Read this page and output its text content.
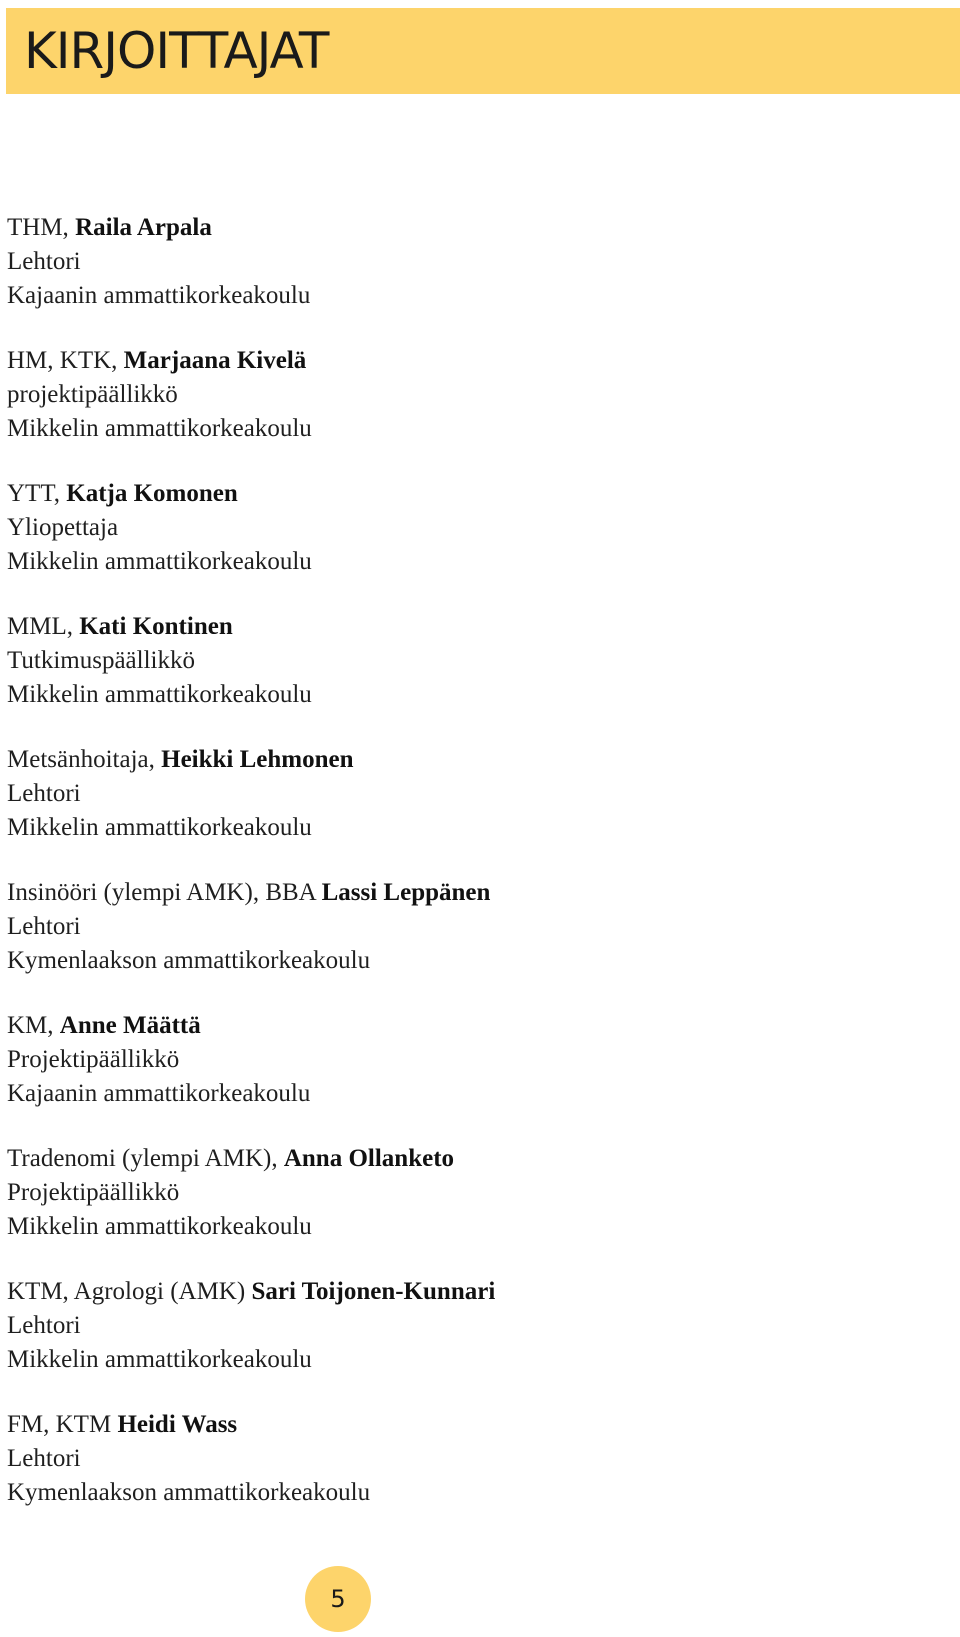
KIRJOITTAJAT
THM, Raila Arpala
Lehtori
Kajaanin ammattikorkeakoulu
HM, KTK, Marjaana Kivelä
projektipäällikkö
Mikkelin ammattikorkeakoulu
YTT, Katja Komonen
Yliopettaja
Mikkelin ammattikorkeakoulu
MML, Kati Kontinen
Tutkimuspäällikkö
Mikkelin ammattikorkeakoulu
Metsänhoitaja, Heikki Lehmonen
Lehtori
Mikkelin ammattikorkeakoulu
Insinööri (ylempi AMK), BBA Lassi Leppänen
Lehtori
Kymenlaakson ammattikorkeakoulu
KM, Anne Määttä
Projektipäällikkö
Kajaanin ammattikorkeakoulu
Tradenomi (ylempi AMK), Anna Ollanketo
Projektipäällikkö
Mikkelin ammattikorkeakoulu
KTM, Agrologi (AMK) Sari Toijonen-Kunnari
Lehtori
Mikkelin ammattikorkeakoulu
FM, KTM Heidi Wass
Lehtori
Kymenlaakson ammattikorkeakoulu
5
